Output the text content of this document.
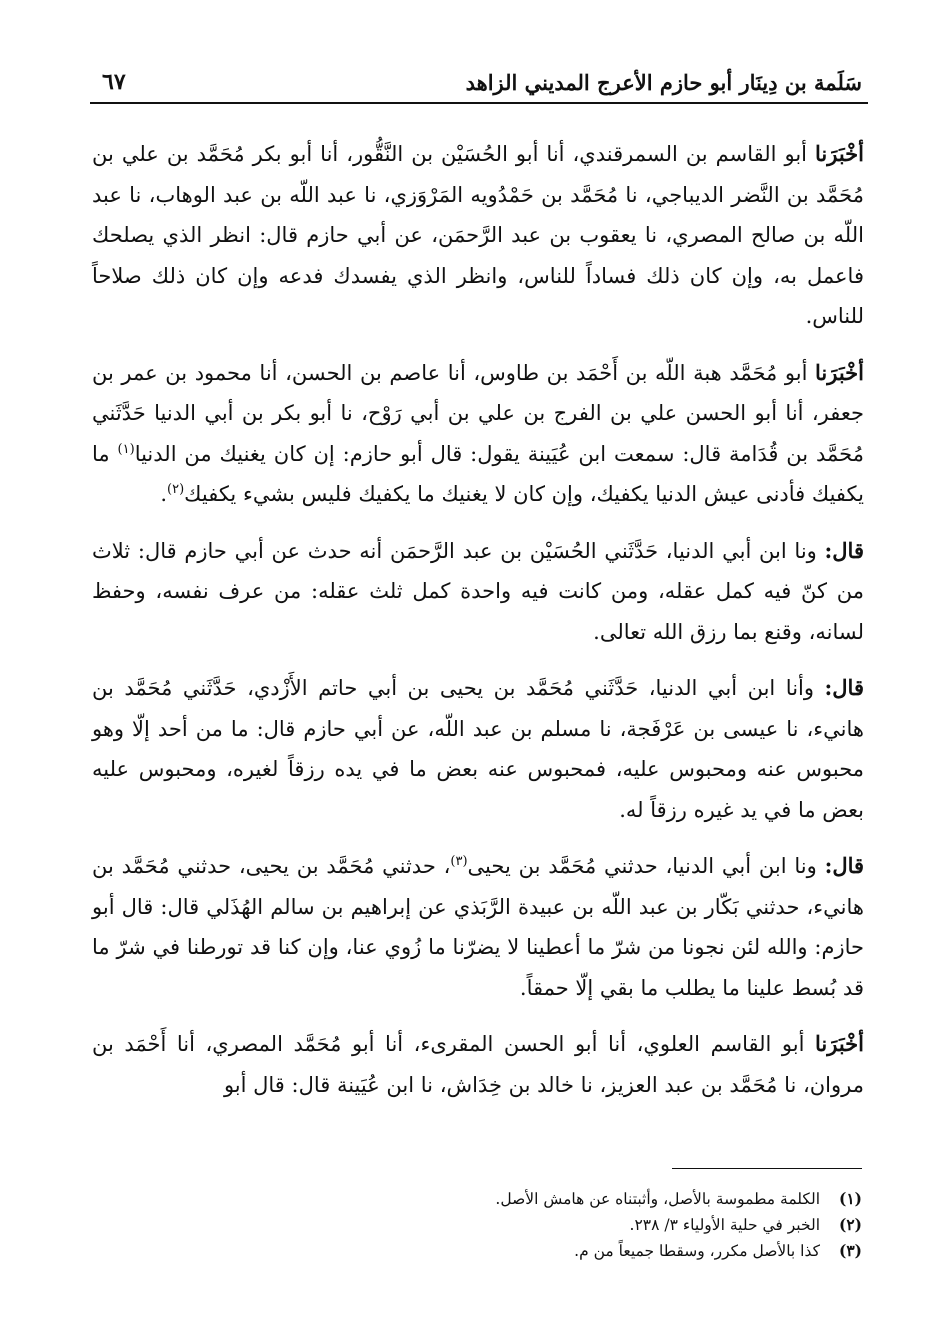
٦٧	سَلَمة بن دِينَار أبو حازم الأعرج المديني الزاهد

أخْبَرَنا أبو القاسم بن السمرقندي، أنا أبو الحُسَيْن بن النَّقُّور، أنا أبو بكر مُحَمَّد بن علي بن مُحَمَّد بن النَّضر الديباجي، نا مُحَمَّد بن حَمْدُويه المَرْوَزي، نا عبد اللّه بن عبد الوهاب، نا عبد اللّه بن صالح المصري، نا يعقوب بن عبد الرَّحمَن، عن أبي حازم قال: انظر الذي يصلحك فاعمل به، وإن كان ذلك فساداً للناس، وانظر الذي يفسدك فدعه وإن كان ذلك صلاحاً للناس.

أخْبَرَنا أبو مُحَمَّد هبة اللّه بن أَحْمَد بن طاوس، أنا عاصم بن الحسن، أنا محمود بن عمر بن جعفر، أنا أبو الحسن علي بن الفرج بن علي بن أبي رَوْح، نا أبو بكر بن أبي الدنيا حَدَّثَني مُحَمَّد بن قُدَامة قال: سمعت ابن عُيَينة يقول: قال أبو حازم: إن كان يغنيك من الدنيا$^{(١)}$ ما يكفيك فأدنى عيش الدنيا يكفيك، وإن كان لا يغنيك ما يكفيك فليس بشيء يكفيك$^{(٢)}$.

قال: ونا ابن أبي الدنيا، حَدَّثَني الحُسَيْن بن عبد الرَّحمَن أنه حدث عن أبي حازم قال: ثلاث من كنّ فيه كمل عقله، ومن كانت فيه واحدة كمل ثلث عقله: من عرف نفسه، وحفظ لسانه، وقنع بما رزق الله تعالى.

قال: وأنا ابن أبي الدنيا، حَدَّثَني مُحَمَّد بن يحيى بن أبي حاتم الأَزْدي، حَدَّثَني مُحَمَّد بن هانيء، نا عيسى بن عَرْفَجة، نا مسلم بن عبد اللّه، عن أبي حازم قال: ما من أحد إلّا وهو محبوس عنه ومحبوس عليه، فمحبوس عنه بعض ما في يده رزقاً لغيره، ومحبوس عليه بعض ما في يد غيره رزقاً له.

قال: ونا ابن أبي الدنيا، حدثني مُحَمَّد بن يحيى$^{(٣)}$، حدثني مُحَمَّد بن يحيى، حدثني مُحَمَّد بن هانيء، حدثني بَكّار بن عبد اللّه بن عبيدة الرَّبَذي عن إبراهيم بن سالم الهُذَلي قال: قال أبو حازم: والله لئن نجونا من شرّ ما أعطينا لا يضرّنا ما زُوي عنا، وإن كنا قد تورطنا في شرّ ما قد بُسط علينا ما يطلب ما بقي إلّا حمقاً.

أخْبَرَنا أبو القاسم العلوي، أنا أبو الحسن المقرىء، أنا أبو مُحَمَّد المصري، أنا أَحْمَد بن مروان، نا مُحَمَّد بن عبد العزيز، نا خالد بن خِدَاش، نا ابن عُيَينة قال: قال أبو

(١)
الكلمة مطموسة بالأصل، وأثبتناه عن هامش الأصل.
(٢)
الخبر في حلية الأولياء ٣/ ٢٣٨.
(٣)
كذا بالأصل مكرر، وسقطا جميعاً من م.
